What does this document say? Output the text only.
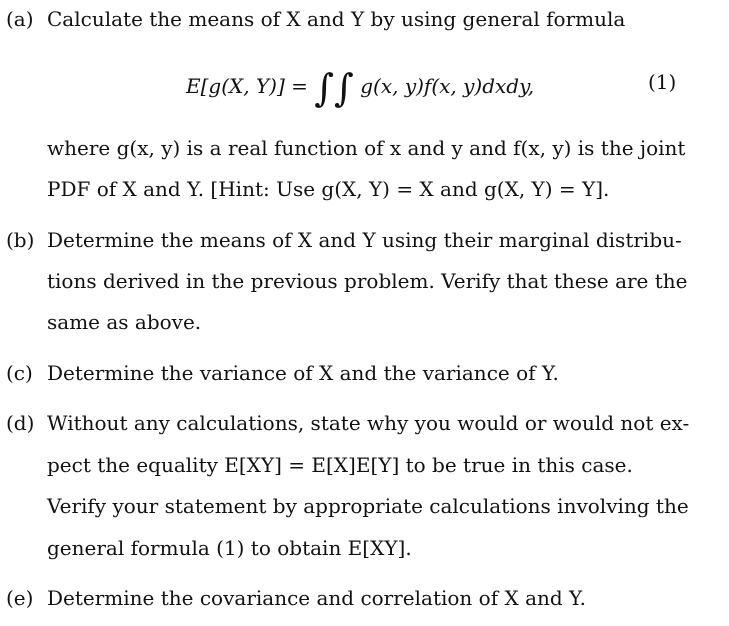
(a) Calculate the means of X and Y by using general formula
E[g(X, Y)] = ∫∫ g(x, y)f(x, y)dxdy,	(1)
where g(x, y) is a real function of x and y and f(x, y) is the joint
PDF of X and Y. [Hint: Use g(X, Y) = X and g(X, Y) = Y].
(b) Determine the means of X and Y using their marginal distribu-
tions derived in the previous problem. Verify that these are the
same as above.
(c) Determine the variance of X and the variance of Y.
(d) Without any calculations, state why you would or would not ex-
pect the equality E[XY] = E[X]E[Y] to be true in this case.
Verify your statement by appropriate calculations involving the
general formula (1) to obtain E[XY].
(e) Determine the covariance and correlation of X and Y.
